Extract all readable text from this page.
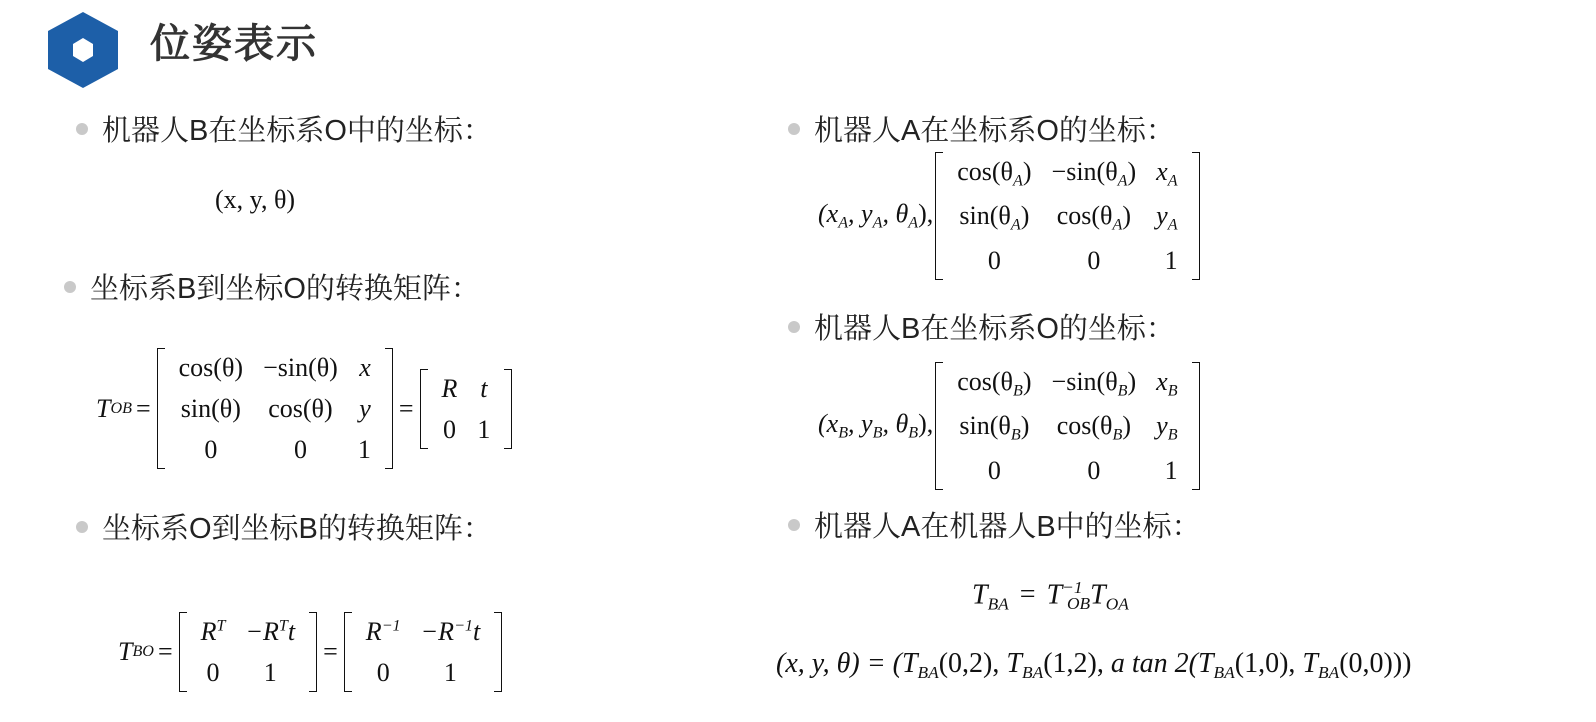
位姿表示
机器人B在坐标系O中的坐标：
(x, y, θ)
坐标系B到坐标O的转换矩阵：
T OB =
cos(θ) −sin(θ) x
sin(θ)	cos(θ)	y
0	0	1
=
R t
0 1
坐标系O到坐标B的转换矩阵：
T BO =
$R^T -R^Tt$
0	1
=
$R^{-1} -R^{-1}t$
0	1
机器人A在坐标系O的坐标：
($x_A$, $y_A$, $\theta_A$),
$\cos(\theta_A) -\sin(\theta_A)$ $x_A$
$\sin(\theta_A)$	$\cos(\theta_A)$ $y_A$
0	0	1
机器人B在坐标系O的坐标：
($x_B$, $y_B$, $\theta_B$),
$\cos(\theta_B) -\sin(\theta_B)$ $x_B$
$\sin(\theta_B)$	$\cos(\theta_B)$ $y_B$
0	0	1
机器人A在机器人B中的坐标：
$T_{BA} = T^{-1}_{OB}T_{OA}$
(x, y, $\theta) = (T_{BA}(0,2)$, $T_{BA}(1,2)$, a $\tan 2(T_{BA}(1,0)$, $T_{BA}(0,0)$))
